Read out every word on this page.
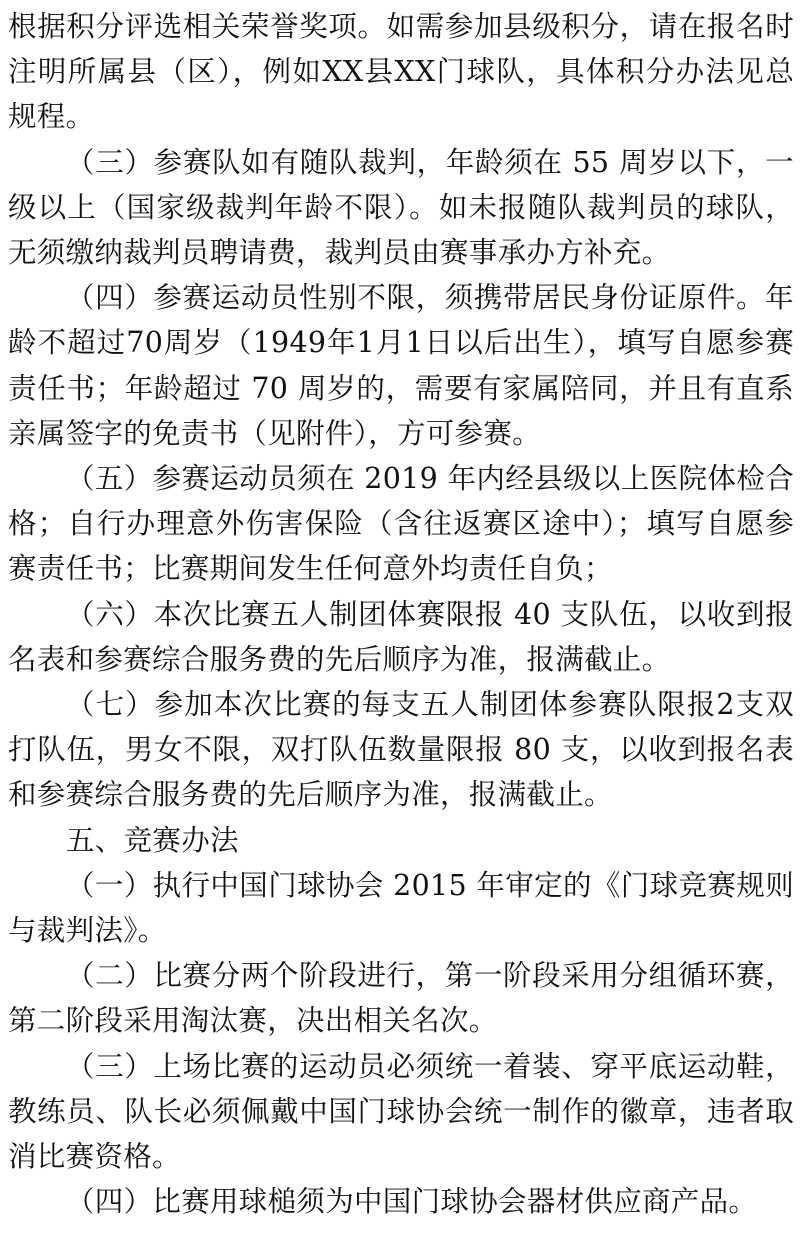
根据积分评选相关荣誉奖项。如需参加县级积分，请在报名时注明所属县（区），例如XX县XX门球队，具体积分办法见总规程。

（三）参赛队如有随队裁判，年龄须在 55 周岁以下，一级以上（国家级裁判年龄不限）。如未报随队裁判员的球队，无须缴纳裁判员聘请费，裁判员由赛事承办方补充。

（四）参赛运动员性别不限，须携带居民身份证原件。年龄不超过70周岁（1949年1月1日以后出生），填写自愿参赛责任书；年龄超过 70 周岁的，需要有家属陪同，并且有直系亲属签字的免责书（见附件），方可参赛。

（五）参赛运动员须在 2019 年内经县级以上医院体检合格；自行办理意外伤害保险（含往返赛区途中）；填写自愿参赛责任书；比赛期间发生任何意外均责任自负；

（六）本次比赛五人制团体赛限报 40 支队伍，以收到报名表和参赛综合服务费的先后顺序为准，报满截止。

（七）参加本次比赛的每支五人制团体参赛队限报2支双打队伍，男女不限，双打队伍数量限报 80 支，以收到报名表和参赛综合服务费的先后顺序为准，报满截止。

五、竞赛办法

（一）执行中国门球协会 2015 年审定的《门球竞赛规则与裁判法》。

（二）比赛分两个阶段进行，第一阶段采用分组循环赛，第二阶段采用淘汰赛，决出相关名次。

（三）上场比赛的运动员必须统一着装、穿平底运动鞋，教练员、队长必须佩戴中国门球协会统一制作的徽章，违者取消比赛资格。

（四）比赛用球槌须为中国门球协会器材供应商产品。
